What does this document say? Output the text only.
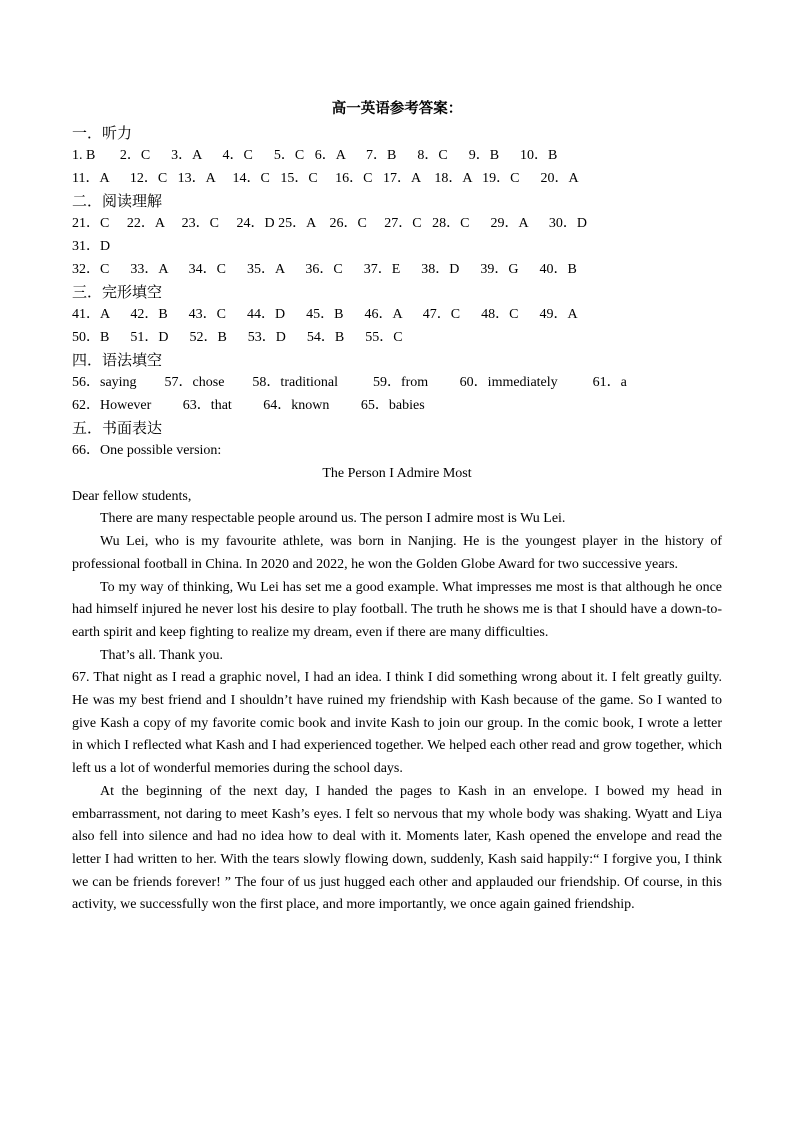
高一英语参考答案：
一．听力
1. B       2．C      3．A      4．C      5．C   6．A      7．B      8．C      9．B      10．B
11．A      12．C   13．A     14．C   15．C     16．C   17．A    18．A   19．C      20．A
二．阅读理解
21．C     22．A     23．C     24．D 25．A    26．C     27．C   28．C      29．A      30．D
31．D
32．C      33．A      34．C      35．A      36．C      37．E      38．D      39．G      40．B
三．完形填空
41．A      42．B      43．C      44．D      45．B      46．A      47．C      48．C      49．A
50．B      51．D      52．B      53．D      54．B      55．C
四．语法填空
56．saying        57．chose        58．traditional          59．from         60．immediately          61．a
62．However         63．that         64．known         65．babies
五．书面表达
66．One possible version:
The Person I Admire Most

Dear fellow students,

There are many respectable people around us. The person I admire most is Wu Lei.

Wu Lei, who is my favourite athlete, was born in Nanjing. He is the youngest player in the history of professional football in China. In 2020 and 2022, he won the Golden Globe Award for two successive years.

To my way of thinking, Wu Lei has set me a good example. What impresses me most is that although he once had himself injured he never lost his desire to play football. The truth he shows me is that I should have a down-to-earth spirit and keep fighting to realize my dream, even if there are many difficulties.

That’s all. Thank you.

67. That night as I read a graphic novel, I had an idea. I think I did something wrong about it. I felt greatly guilty. He was my best friend and I shouldn’t have ruined my friendship with Kash because of the game. So I wanted to give Kash a copy of my favorite comic book and invite Kash to join our group. In the comic book, I wrote a letter in which I reflected what Kash and I had experienced together. We helped each other read and grow together, which left us a lot of wonderful memories during the school days.

At the beginning of the next day, I handed the pages to Kash in an envelope. I bowed my head in embarrassment, not daring to meet Kash’s eyes. I felt so nervous that my whole body was shaking. Wyatt and Liya also fell into silence and had no idea how to deal with it. Moments later, Kash opened the envelope and read the letter I had written to her. With the tears slowly flowing down, suddenly, Kash said happily:“ I forgive you, I think we can be friends forever! ” The four of us just hugged each other and applauded our friendship. Of course, in this activity, we successfully won the first place, and more importantly, we once again gained friendship.
